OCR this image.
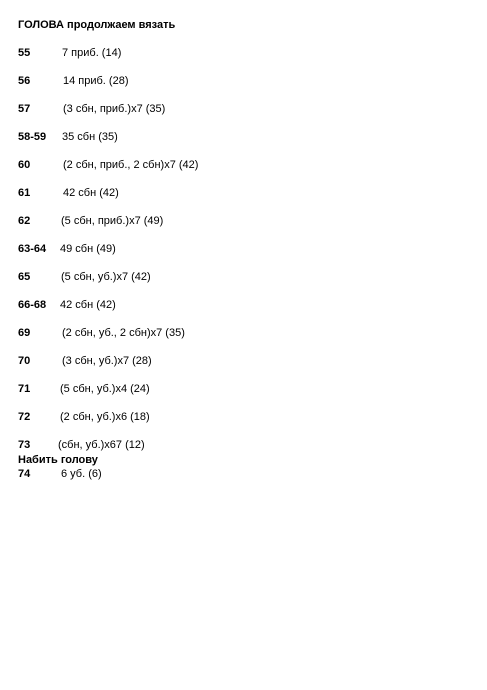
ГОЛОВА продолжаем вязать
55	7 приб. (14)
56	14 приб. (28)
57	(3 сбн, приб.)х7 (35)
58-59 35 сбн (35)
60	(2 сбн, приб., 2 сбн)х7 (42)
61	42 сбн (42)
62	(5 сбн, приб.)х7 (49)
63-64 49 сбн (49)
65	(5 сбн, уб.)х7 (42)
66-68 42 сбн (42)
69	(2 сбн, уб., 2 сбн)х7 (35)
70	(3 сбн, уб.)х7 (28)
71	(5 сбн, уб.)х4 (24)
72	(2 сбн, уб.)х6 (18)
73	(сбн, уб.)х67 (12)
Набить голову
74	6 уб. (6)
